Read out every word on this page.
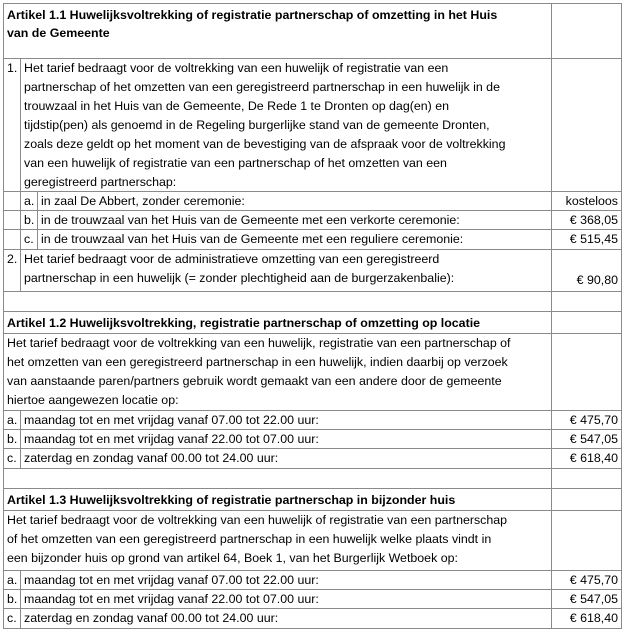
Artikel 1.1 Huwelijksvoltrekking of registratie partnerschap of omzetting in het Huis
van de Gemeente
1. Het tarief bedraagt voor de voltrekking van een huwelijk of registratie van een
partnerschap of het omzetten van een geregistreerd partnerschap in een huwelijk in de
trouwzaal in het Huis van de Gemeente, De Rede 1 te Dronten op dag(en) en
tijdstip(pen) als genoemd in de Regeling burgerlijke stand van de gemeente Dronten,
zoals deze geldt op het moment van de bevestiging van de afspraak voor de voltrekking
van een huwelijk of registratie van een partnerschap of het omzetten van een
geregistreerd partnerschap:
a. in zaal De Abbert, zonder ceremonie:	kosteloos
b. in de trouwzaal van het Huis van de Gemeente met een verkorte ceremonie:	€ 368,05
c. in de trouwzaal van het Huis van de Gemeente met een reguliere ceremonie:	€ 515,45
2. Het tarief bedraagt voor de administratieve omzetting van een geregistreerd
partnerschap in een huwelijk (= zonder plechtigheid aan de burgerzakenbalie):	€ 90,80
Artikel 1.2 Huwelijksvoltrekking, registratie partnerschap of omzetting op locatie
Het tarief bedraagt voor de voltrekking van een huwelijk, registratie van een partnerschap of
het omzetten van een geregistreerd partnerschap in een huwelijk, indien daarbij op verzoek
van aanstaande paren/partners gebruik wordt gemaakt van een andere door de gemeente
hiertoe aangewezen locatie op:
a. maandag tot en met vrijdag vanaf 07.00 tot 22.00 uur:	€ 475,70
b. maandag tot en met vrijdag vanaf 22.00 tot 07.00 uur:	€ 547,05
c. zaterdag en zondag vanaf 00.00 tot 24.00 uur:	€ 618,40
Artikel 1.3 Huwelijksvoltrekking of registratie partnerschap in bijzonder huis
Het tarief bedraagt voor de voltrekking van een huwelijk of registratie van een partnerschap
of het omzetten van een geregistreerd partnerschap in een huwelijk welke plaats vindt in
een bijzonder huis op grond van artikel 64, Boek 1, van het Burgerlijk Wetboek op:
a. maandag tot en met vrijdag vanaf 07.00 tot 22.00 uur:	€ 475,70
b. maandag tot en met vrijdag vanaf 22.00 tot 07.00 uur:	€ 547,05
c. zaterdag en zondag vanaf 00.00 tot 24.00 uur:	€ 618,40
